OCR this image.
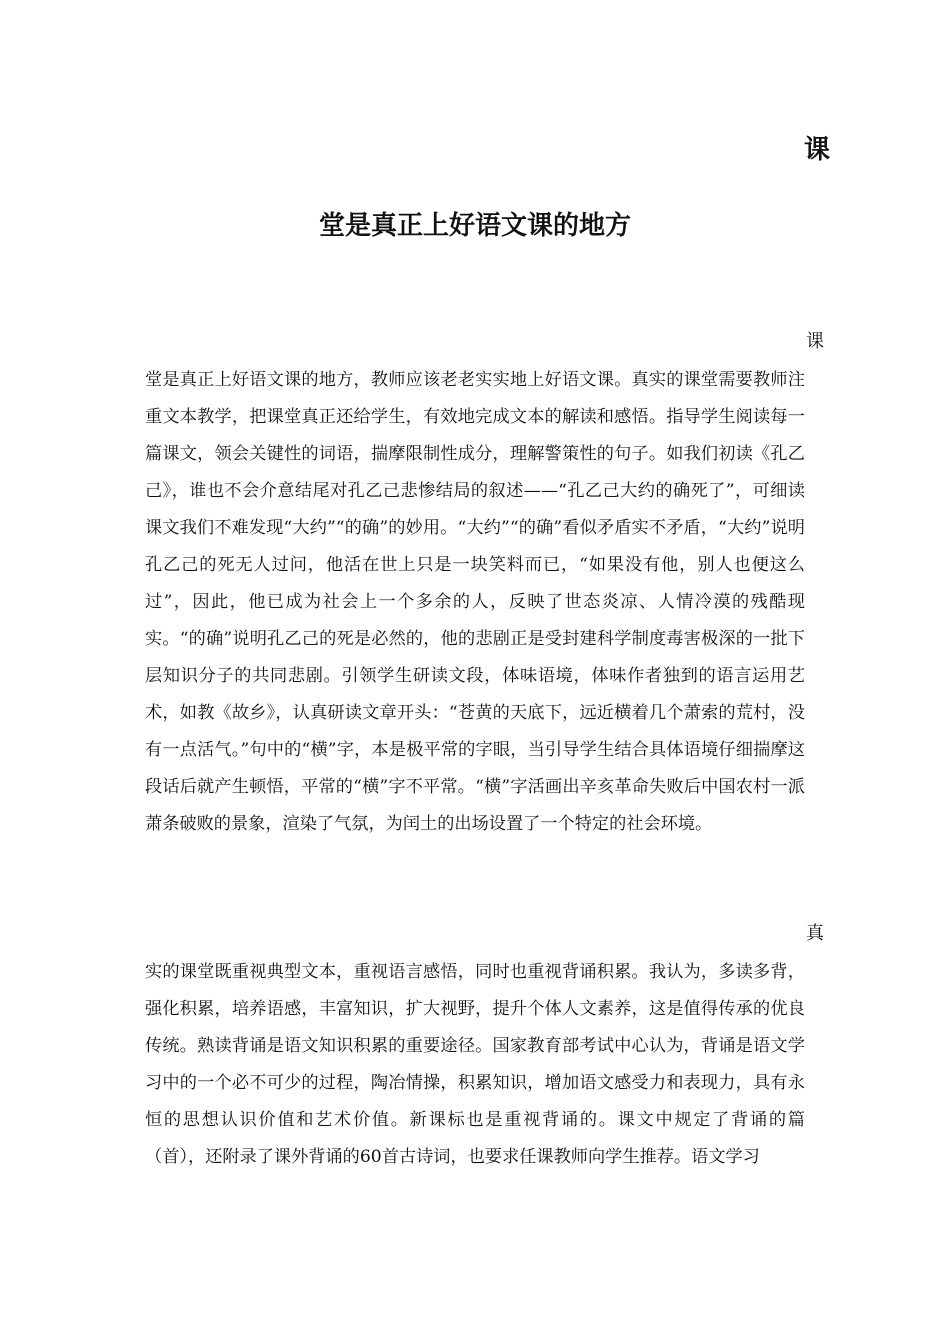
课
堂是真正上好语文课的地方
课
堂是真正上好语文课的地方，教师应该老老实实地上好语文课。真实的课堂需要教师注重文本教学，把课堂真正还给学生，有效地完成文本的解读和感悟。指导学生阅读每一篇课文，领会关键性的词语，揣摩限制性成分，理解警策性的句子。如我们初读《孔乙己》，谁也不会介意结尾对孔乙己悲惨结局的叙述——“孔乙己大约的确死了”，可细读课文我们不难发现“大约”“的确”的妙用。“大约”“的确”看似矛盾实不矛盾，“大约”说明孔乙己的死无人过问，他活在世上只是一块笑料而已，“如果没有他，别人也便这么过”，因此，他已成为社会上一个多余的人，反映了世态炎凉、人情冷漠的残酷现实。“的确”说明孔乙己的死是必然的，他的悲剧正是受封建科学制度毒害极深的一批下层知识分子的共同悲剧。引领学生研读文段，体味语境，体味作者独到的语言运用艺术，如教《故乡》，认真研读文章开头：“苍黄的天底下，远近横着几个萧索的荒村，没有一点活气。”句中的“横”字，本是极平常的字眼，当引导学生结合具体语境仔细揣摩这段话后就产生顿悟，平常的“横”字不平常。“横”字活画出辛亥革命失败后中国农村一派萧条破败的景象，渲染了气氛，为闰土的出场设置了一个特定的社会环境。
真
实的课堂既重视典型文本，重视语言感悟，同时也重视背诵积累。我认为，多读多背，强化积累，培养语感，丰富知识，扩大视野，提升个体人文素养，这是值得传承的优良传统。熟读背诵是语文知识积累的重要途径。国家教育部考试中心认为，背诵是语文学习中的一个必不可少的过程，陶冶情操，积累知识，增加语文感受力和表现力，具有永恒的思想认识价值和艺术价值。新课标也是重视背诵的。课文中规定了背诵的篇（首），还附录了课外背诵的60首古诗词，也要求任课教师向学生推荐。语文学习
